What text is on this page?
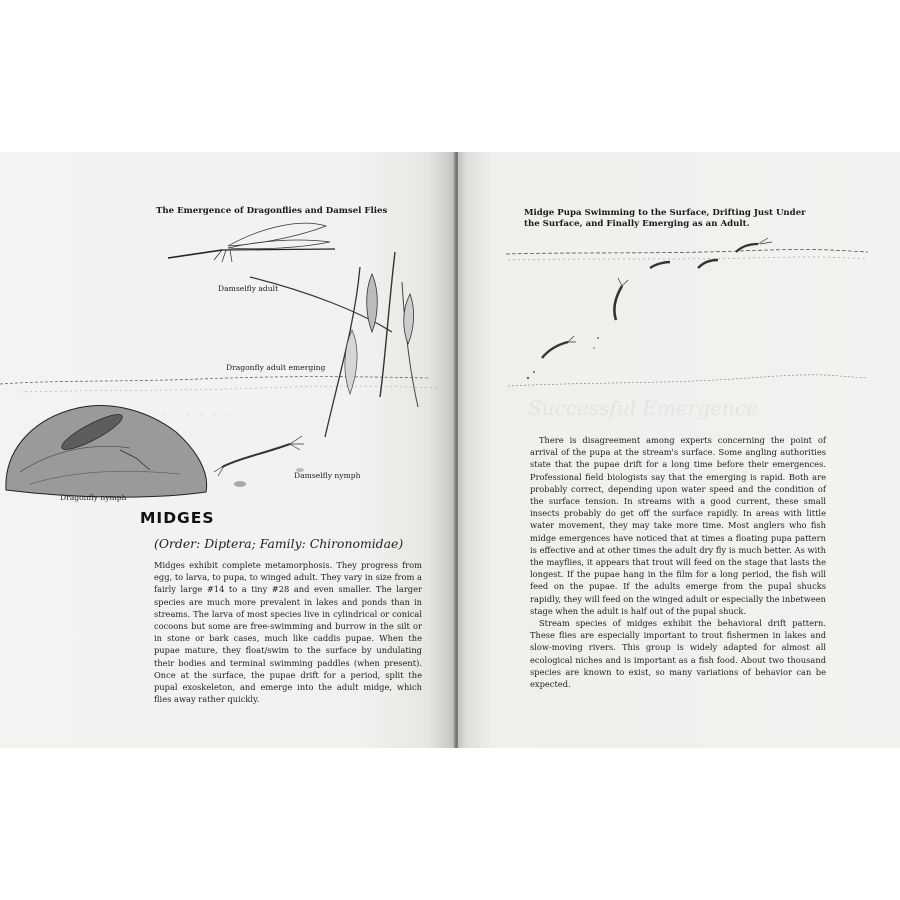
· · · · · ·
The Emergence of Dragonflies and Damsel Flies
Damselfly adult
Dragonfly adult emerging
Damselfly nymph
Dragonfly nymph
MIDGES
(Order: Diptera; Family: Chironomidae)

Midges exhibit complete metamorphosis. They progress from egg, to larva, to pupa, to winged adult. They vary in size from a fairly large #14 to a tiny #28 and even smaller. The larger species are much more prevalent in lakes and ponds than in streams. The larva of most species live in cylindrical or conical cocoons but some are free-swimming and burrow in the silt or in stone or bark cases, much like caddis pupae. When the pupae mature, they float/swim to the surface by undulating their bodies and terminal swimming paddles (when present). Once at the surface, the pupae drift for a period, split the pupal exoskeleton, and emerge into the adult midge, which flies away rather quickly.

Midge Pupa Swimming to the Surface, Drifting Just Under the Surface, and Finally Emerging as an Adult.
Successful Emergence

There is disagreement among experts concerning the point of arrival of the pupa at the stream's surface. Some angling authorities state that the pupae drift for a long time before their emergences. Professional field biologists say that the emerging is rapid. Both are probably correct, depending upon water speed and the condition of the surface tension. In streams with a good current, these small insects probably do get off the surface rapidly. In areas with little water movement, they may take more time. Most anglers who fish midge emergences have noticed that at times a floating pupa pattern is effective and at other times the adult dry fly is much better. As with the mayflies, it appears that trout will feed on the stage that lasts the longest. If the pupae hang in the film for a long period, the fish will feed on the pupae. If the adults emerge from the pupal shucks rapidly, they will feed on the winged adult or especially the inbetween stage when the adult is half out of the pupal shuck.

Stream species of midges exhibit the behavioral drift pattern. These flies are especially important to trout fishermen in lakes and slow-moving rivers. This group is widely adapted for almost all ecological niches and is important as a fish food. About two thousand species are known to exist, so many variations of behavior can be expected.
